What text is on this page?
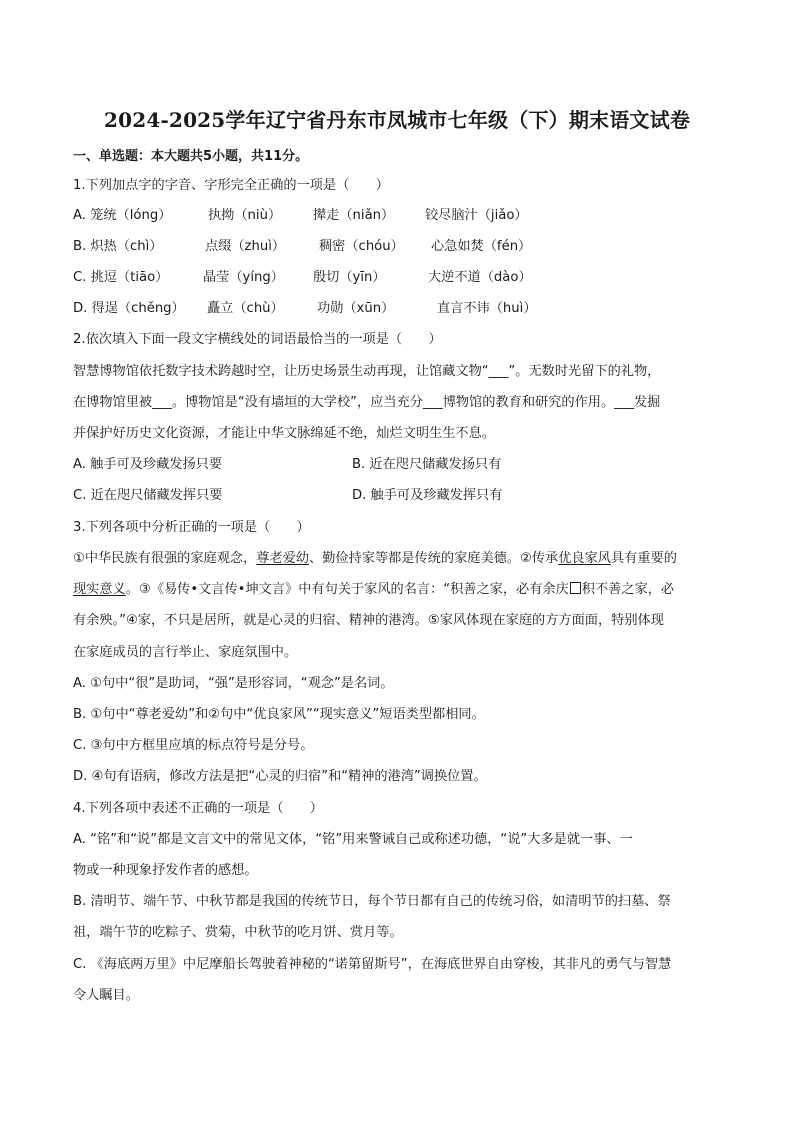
2024-2025学年辽宁省丹东市凤城市七年级（下）期末语文试卷
一、单选题：本大题共5小题，共11分。
1.下列加点字的字音、字形完全正确的一项是（　　）
A. 笼统（lóng）	执拗（niù） 撵走（niǎn） 铰尽脑汁（jiǎo）
B. 炽热（chì）	点缀（zhuì）	稠密（chóu） 心急如焚（fén）
C. 挑逗（tiāo）	晶莹（yíng） 殷切（yīn）	大逆不道（dào）
D. 得逞（chěng） 矗立（chù）	功勋（xūn）	直言不讳（huì）
2.依次填入下面一段文字横线处的词语最恰当的一项是（　　）
智慧博物馆依托数字技术跨越时空，让历史场景生动再现，让馆藏文物“___”。无数时光留下的礼物，
在博物馆里被___。博物馆是“没有墙垣的大学校”，应当充分___博物馆的教育和研究的作用。___发掘
并保护好历史文化资源，才能让中华文脉绵延不绝，灿烂文明生生不息。
A. 触手可及珍藏发扬只要	B. 近在咫尺储藏发扬只有
C. 近在咫尺储藏发挥只要	D. 触手可及珍藏发挥只有
3.下列各项中分析正确的一项是（　　）
①中华民族有很强的家庭观念，尊老爱幼、勤俭持家等都是传统的家庭美德。②传承优良家风具有重要的
现实意义。③《易传•文言传•坤文言》中有句关于家风的名言：“积善之家，必有余庆 积不善之家，必
有余殃。”④家，不只是居所，就是心灵的归宿、精神的港湾。⑤家风体现在家庭的方方面面，特别体现
在家庭成员的言行举止、家庭氛围中。
A. ①句中“很”是助词，“强”是形容词，“观念”是名词。
B. ①句中“尊老爱幼”和②句中“优良家风”“现实意义”短语类型都相同。
C. ③句中方框里应填的标点符号是分号。
D. ④句有语病，修改方法是把“心灵的归宿”和“精神的港湾”调换位置。
4.下列各项中表述不正确的一项是（　　）
A. “铭”和“说”都是文言文中的常见文体，“铭”用来警诫自己或称述功德，“说”大多是就一事、一
物或一种现象抒发作者的感想。
B. 清明节、端午节、中秋节都是我国的传统节日，每个节日都有自己的传统习俗，如清明节的扫墓、祭
祖，端午节的吃粽子、赏菊，中秋节的吃月饼、赏月等。
C. 《海底两万里》中尼摩船长驾驶着神秘的“诺第留斯号”，在海底世界自由穿梭，其非凡的勇气与智慧
令人瞩目。
